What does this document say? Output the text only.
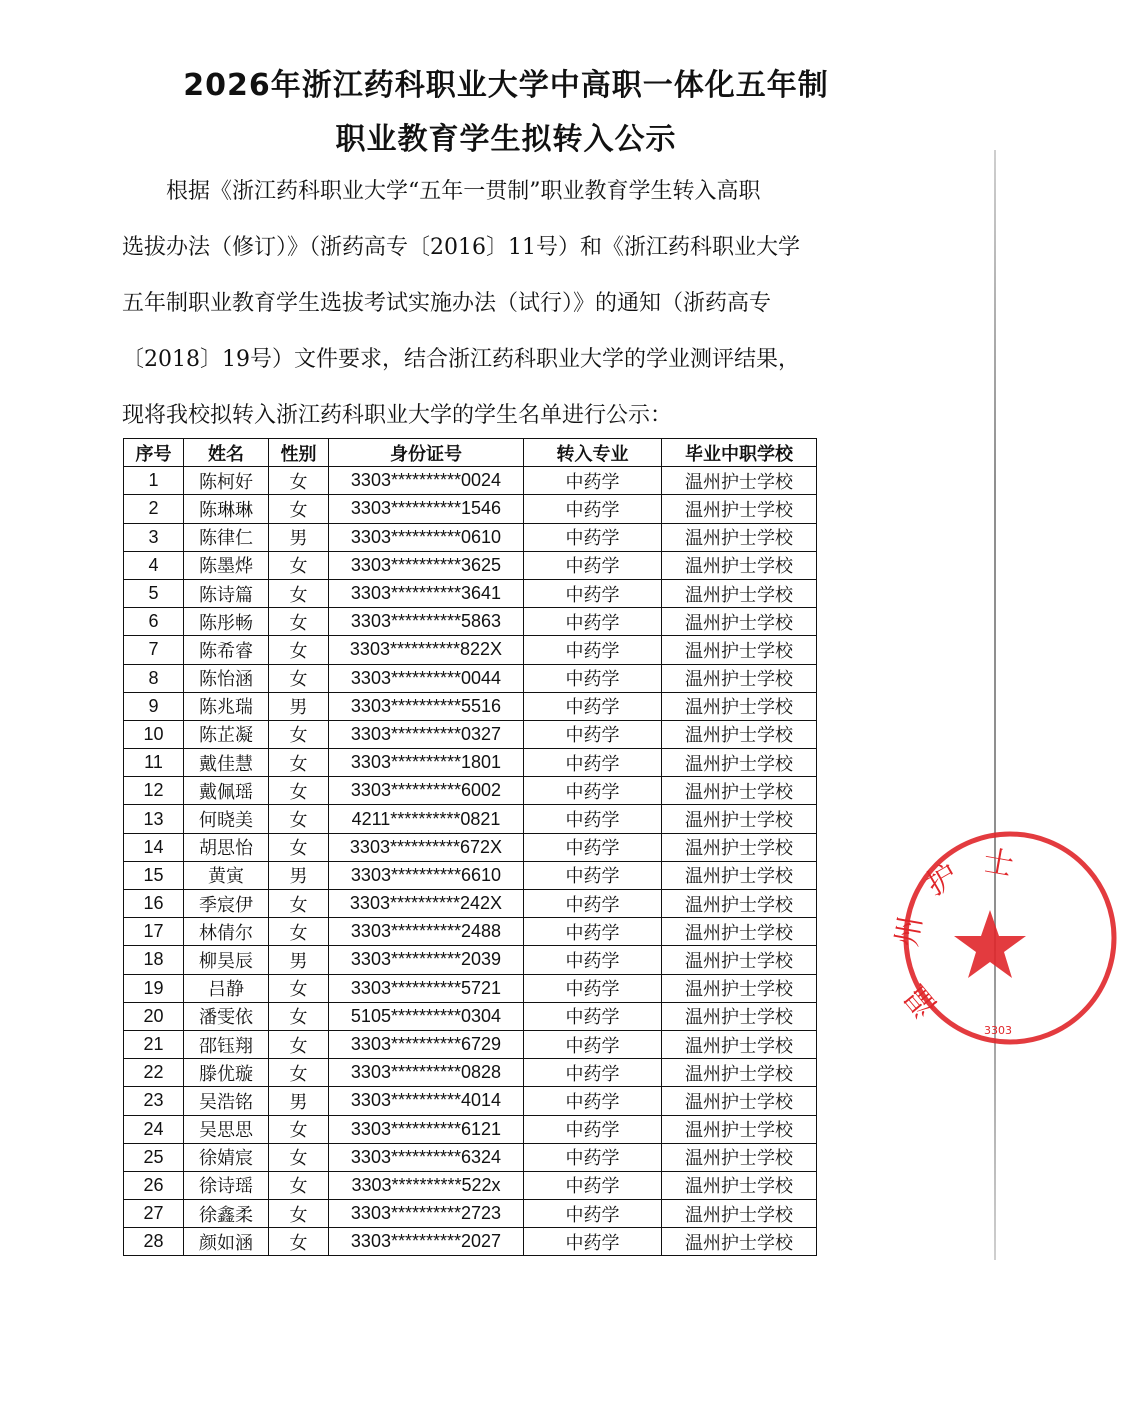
2026年浙江药科职业大学中高职一体化五年制
职业教育学生拟转入公示

根据《浙江药科职业大学“五年一贯制”职业教育学生转入高职

选拔办法（修订）》（浙药高专〔2016〕11号）和《浙江药科职业大学

五年制职业教育学生选拔考试实施办法（试行）》的通知（浙药高专

〔2018〕19号）文件要求，结合浙江药科职业大学的学业测评结果，

现将我校拟转入浙江药科职业大学的学生名单进行公示：

序号	姓名	性别	身份证号	转入专业	毕业中职学校
1	陈柯好	女	3303**********0024	中药学	温州护士学校
2	陈琳琳	女	3303**********1546	中药学	温州护士学校
3	陈律仁	男	3303**********0610	中药学	温州护士学校
4	陈墨烨	女	3303**********3625	中药学	温州护士学校
5	陈诗篇	女	3303**********3641	中药学	温州护士学校
6	陈彤畅	女	3303**********5863	中药学	温州护士学校
7	陈希睿	女	3303**********822X	中药学	温州护士学校
8	陈怡涵	女	3303**********0044	中药学	温州护士学校
9	陈兆瑞	男	3303**********5516	中药学	温州护士学校
10	陈芷凝	女	3303**********0327	中药学	温州护士学校
11	戴佳慧	女	3303**********1801	中药学	温州护士学校
12	戴佩瑶	女	3303**********6002	中药学	温州护士学校
13	何晓美	女	4211**********0821	中药学	温州护士学校
14	胡思怡	女	3303**********672X	中药学	温州护士学校
15	黄寅	男	3303**********6610	中药学	温州护士学校
16	季宸伊	女	3303**********242X	中药学	温州护士学校
17	林倩尔	女	3303**********2488	中药学	温州护士学校
18	柳昊辰	男	3303**********2039	中药学	温州护士学校
19	吕静	女	3303**********5721	中药学	温州护士学校
20	潘雯依	女	5105**********0304	中药学	温州护士学校
21	邵钰翔	女	3303**********6729	中药学	温州护士学校
22	滕优璇	女	3303**********0828	中药学	温州护士学校
23	吴浩铭	男	3303**********4014	中药学	温州护士学校
24	吴思思	女	3303**********6121	中药学	温州护士学校
25	徐婧宸	女	3303**********6324	中药学	温州护士学校
26	徐诗瑶	女	3303**********522x	中药学	温州护士学校
27	徐鑫柔	女	3303**********2723	中药学	温州护士学校
28	颜如涵	女	3303**********2027	中药学	温州护士学校
士
护
州
温
3303
